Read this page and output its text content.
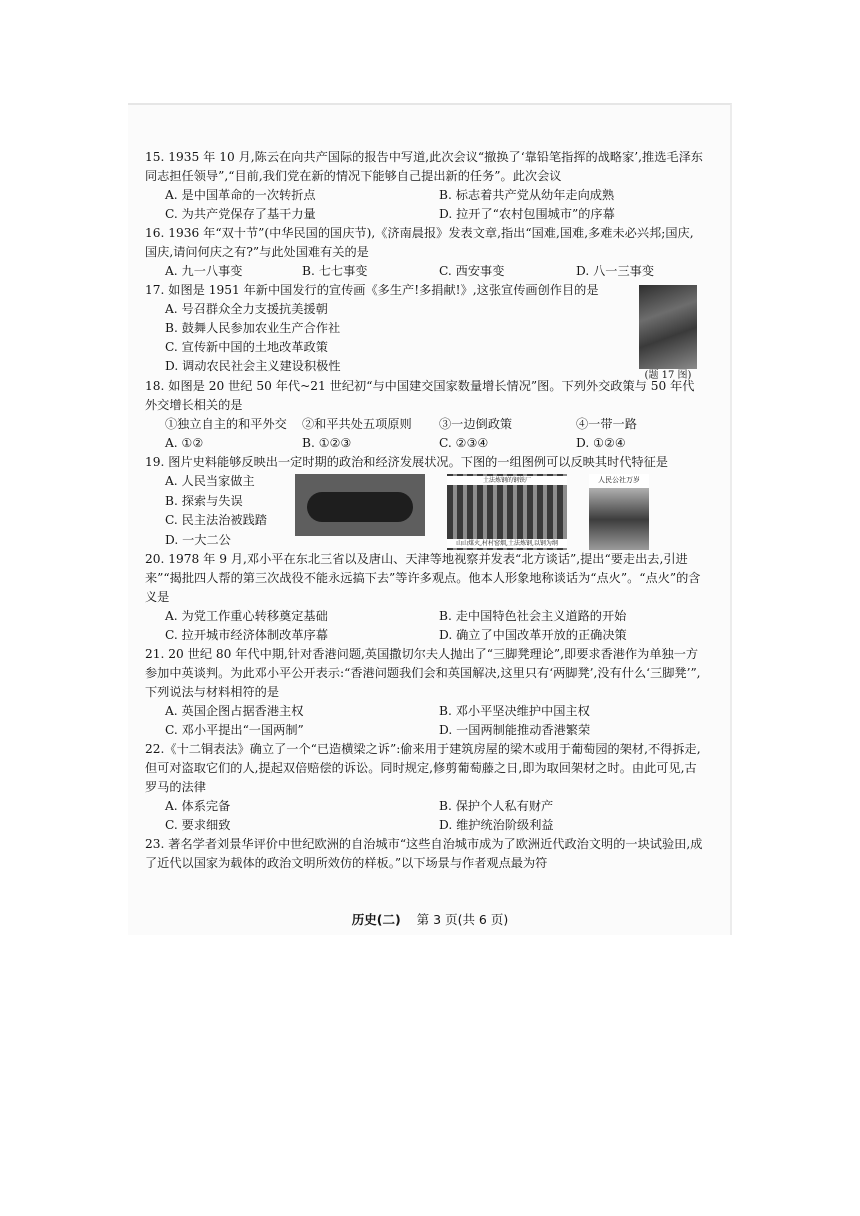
15. 1935 年 10 月,陈云在向共产国际的报告中写道,此次会议“撤换了‘靠铅笔指挥的战略家’,推选毛泽东同志担任领导”,“目前,我们党在新的情况下能够自己提出新的任务”。此次会议

A. 是中国革命的一次转折点	B. 标志着共产党从幼年走向成熟
C. 为共产党保存了基干力量	D. 拉开了“农村包围城市”的序幕

16. 1936 年“双十节”(中华民国的国庆节),《济南晨报》发表文章,指出“国难,国难,多难未必兴邦;国庆,国庆,请问何庆之有?”与此处国难有关的是

A. 九一八事变	B. 七七事变	C. 西安事变	D. 八一三事变

17. 如图是 1951 年新中国发行的宣传画《多生产!多捐献!》,这张宣传画创作目的是

A. 号召群众全力支援抗美援朝
B. 鼓舞人民参加农业生产合作社
C. 宣传新中国的土地改革政策
D. 调动农民社会主义建设积极性
(题 17 图)

18. 如图是 20 世纪 50 年代~21 世纪初“与中国建交国家数量增长情况”图。下列外交政策与 50 年代外交增长相关的是

①独立自主的和平外交	②和平共处五项原则	③一边倒政策	④一带一路
A. ①②	B. ①②③	C. ②③④	D. ①②④

19. 图片史料能够反映出一定时期的政治和经济发展状况。下图的一组图例可以反映其时代特征是

A. 人民当家做主
B. 探索与失误
C. 民主法治被践踏
D. 一大二公
土法炼钢的钢铁厂
山山煤火,村村窑烟,土法炼钢,以钢为纲
人民公社万岁

20. 1978 年 9 月,邓小平在东北三省以及唐山、天津等地视察并发表“北方谈话”,提出“要走出去,引进来”“揭批四人帮的第三次战役不能永远搞下去”等许多观点。他本人形象地称谈话为“点火”。“点火”的含义是

A. 为党工作重心转移奠定基础	B. 走中国特色社会主义道路的开始
C. 拉开城市经济体制改革序幕	D. 确立了中国改革开放的正确决策

21. 20 世纪 80 年代中期,针对香港问题,英国撒切尔夫人抛出了“三脚凳理论”,即要求香港作为单独一方参加中英谈判。为此邓小平公开表示:“香港问题我们会和英国解决,这里只有‘两脚凳’,没有什么‘三脚凳’”,下列说法与材料相符的是

A. 英国企图占据香港主权	B. 邓小平坚决维护中国主权
C. 邓小平提出“一国两制”	D. 一国两制能推动香港繁荣

22.《十二铜表法》确立了一个“已造横梁之诉”:偷来用于建筑房屋的梁木或用于葡萄园的架材,不得拆走,但可对盗取它们的人,提起双倍赔偿的诉讼。同时规定,修剪葡萄藤之日,即为取回架材之时。由此可见,古罗马的法律

A. 体系完备	B. 保护个人私有财产
C. 要求细致	D. 维护统治阶级利益

23. 著名学者刘景华评价中世纪欧洲的自治城市“这些自治城市成为了欧洲近代政治文明的一块试验田,成了近代以国家为载体的政治文明所效仿的样板。”以下场景与作者观点最为符

历史(二) 第 3 页(共 6 页)
